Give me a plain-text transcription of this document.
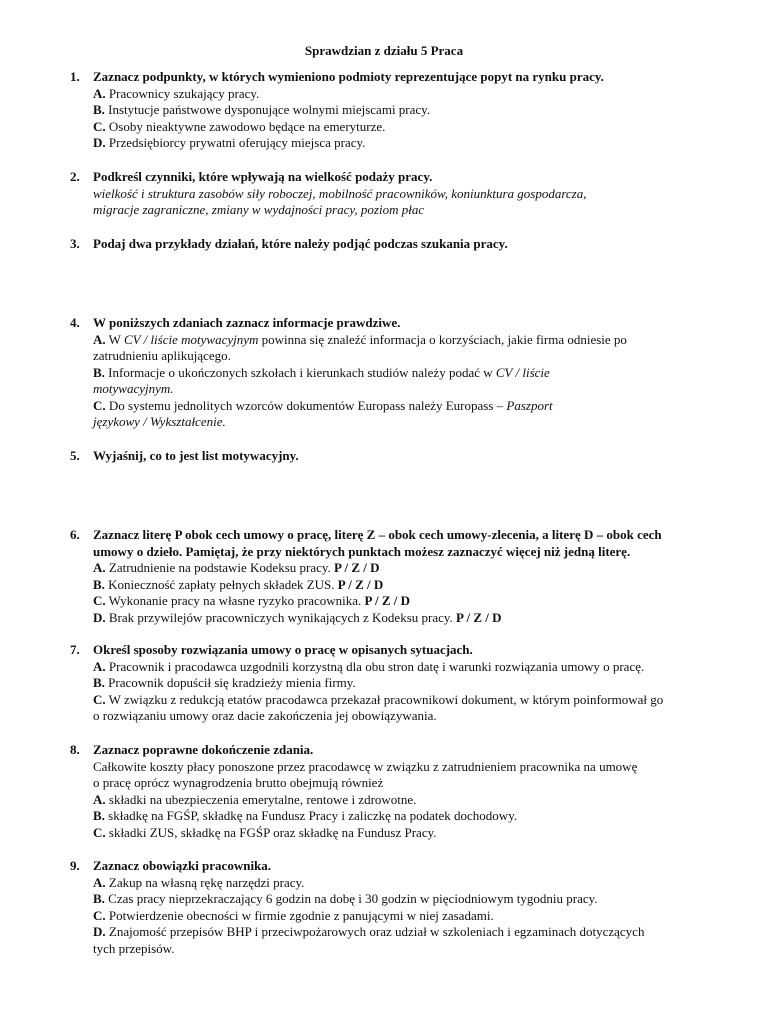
Sprawdzian z działu 5 Praca
1. Zaznacz podpunkty, w których wymieniono podmioty reprezentujące popyt na rynku pracy.
A. Pracownicy szukający pracy.
B. Instytucje państwowe dysponujące wolnymi miejscami pracy.
C. Osoby nieaktywne zawodowo będące na emeryturze.
D. Przedsiębiorcy prywatni oferujący miejsca pracy.
2. Podkreśl czynniki, które wpływają na wielkość podaży pracy.
wielkość i struktura zasobów siły roboczej, mobilność pracowników, koniunktura gospodarcza,
migracje zagraniczne, zmiany w wydajności pracy, poziom płac
3. Podaj dwa przykłady działań, które należy podjąć podczas szukania pracy.
4. W poniższych zdaniach zaznacz informacje prawdziwe.
A. W CV / liście motywacyjnym powinna się znaleźć informacja o korzyściach, jakie firma odniesie po
zatrudnieniu aplikującego.
B. Informacje o ukończonych szkołach i kierunkach studiów należy podać w CV / liście
motywacyjnym.
C. Do systemu jednolitych wzorców dokumentów Europass należy Europass – Paszport
językowy / Wykształcenie.
5. Wyjaśnij, co to jest list motywacyjny.
6. Zaznacz literę P obok cech umowy o pracę, literę Z – obok cech umowy-zlecenia, a literę D – obok cech
umowy o dzieło. Pamiętaj, że przy niektórych punktach możesz zaznaczyć więcej niż jedną literę.
A. Zatrudnienie na podstawie Kodeksu pracy. P / Z / D
B. Konieczność zapłaty pełnych składek ZUS. P / Z / D
C. Wykonanie pracy na własne ryzyko pracownika. P / Z / D
D. Brak przywilejów pracowniczych wynikających z Kodeksu pracy. P / Z / D
7. Określ sposoby rozwiązania umowy o pracę w opisanych sytuacjach.
A. Pracownik i pracodawca uzgodnili korzystną dla obu stron datę i warunki rozwiązania umowy o pracę.
B. Pracownik dopuścił się kradzieży mienia firmy.
C. W związku z redukcją etatów pracodawca przekazał pracownikowi dokument, w którym poinformował go
o rozwiązaniu umowy oraz dacie zakończenia jej obowiązywania.
8. Zaznacz poprawne dokończenie zdania.
Całkowite koszty płacy ponoszone przez pracodawcę w związku z zatrudnieniem pracownika na umowę
o pracę oprócz wynagrodzenia brutto obejmują również
A. składki na ubezpieczenia emerytalne, rentowe i zdrowotne.
B. składkę na FGŚP, składkę na Fundusz Pracy i zaliczkę na podatek dochodowy.
C. składki ZUS, składkę na FGŚP oraz składkę na Fundusz Pracy.
9. Zaznacz obowiązki pracownika.
A. Zakup na własną rękę narzędzi pracy.
B. Czas pracy nieprzekraczający 6 godzin na dobę i 30 godzin w pięciodniowym tygodniu pracy.
C. Potwierdzenie obecności w firmie zgodnie z panującymi w niej zasadami.
D. Znajomość przepisów BHP i przeciwpożarowych oraz udział w szkoleniach i egzaminach dotyczących
tych przepisów.
